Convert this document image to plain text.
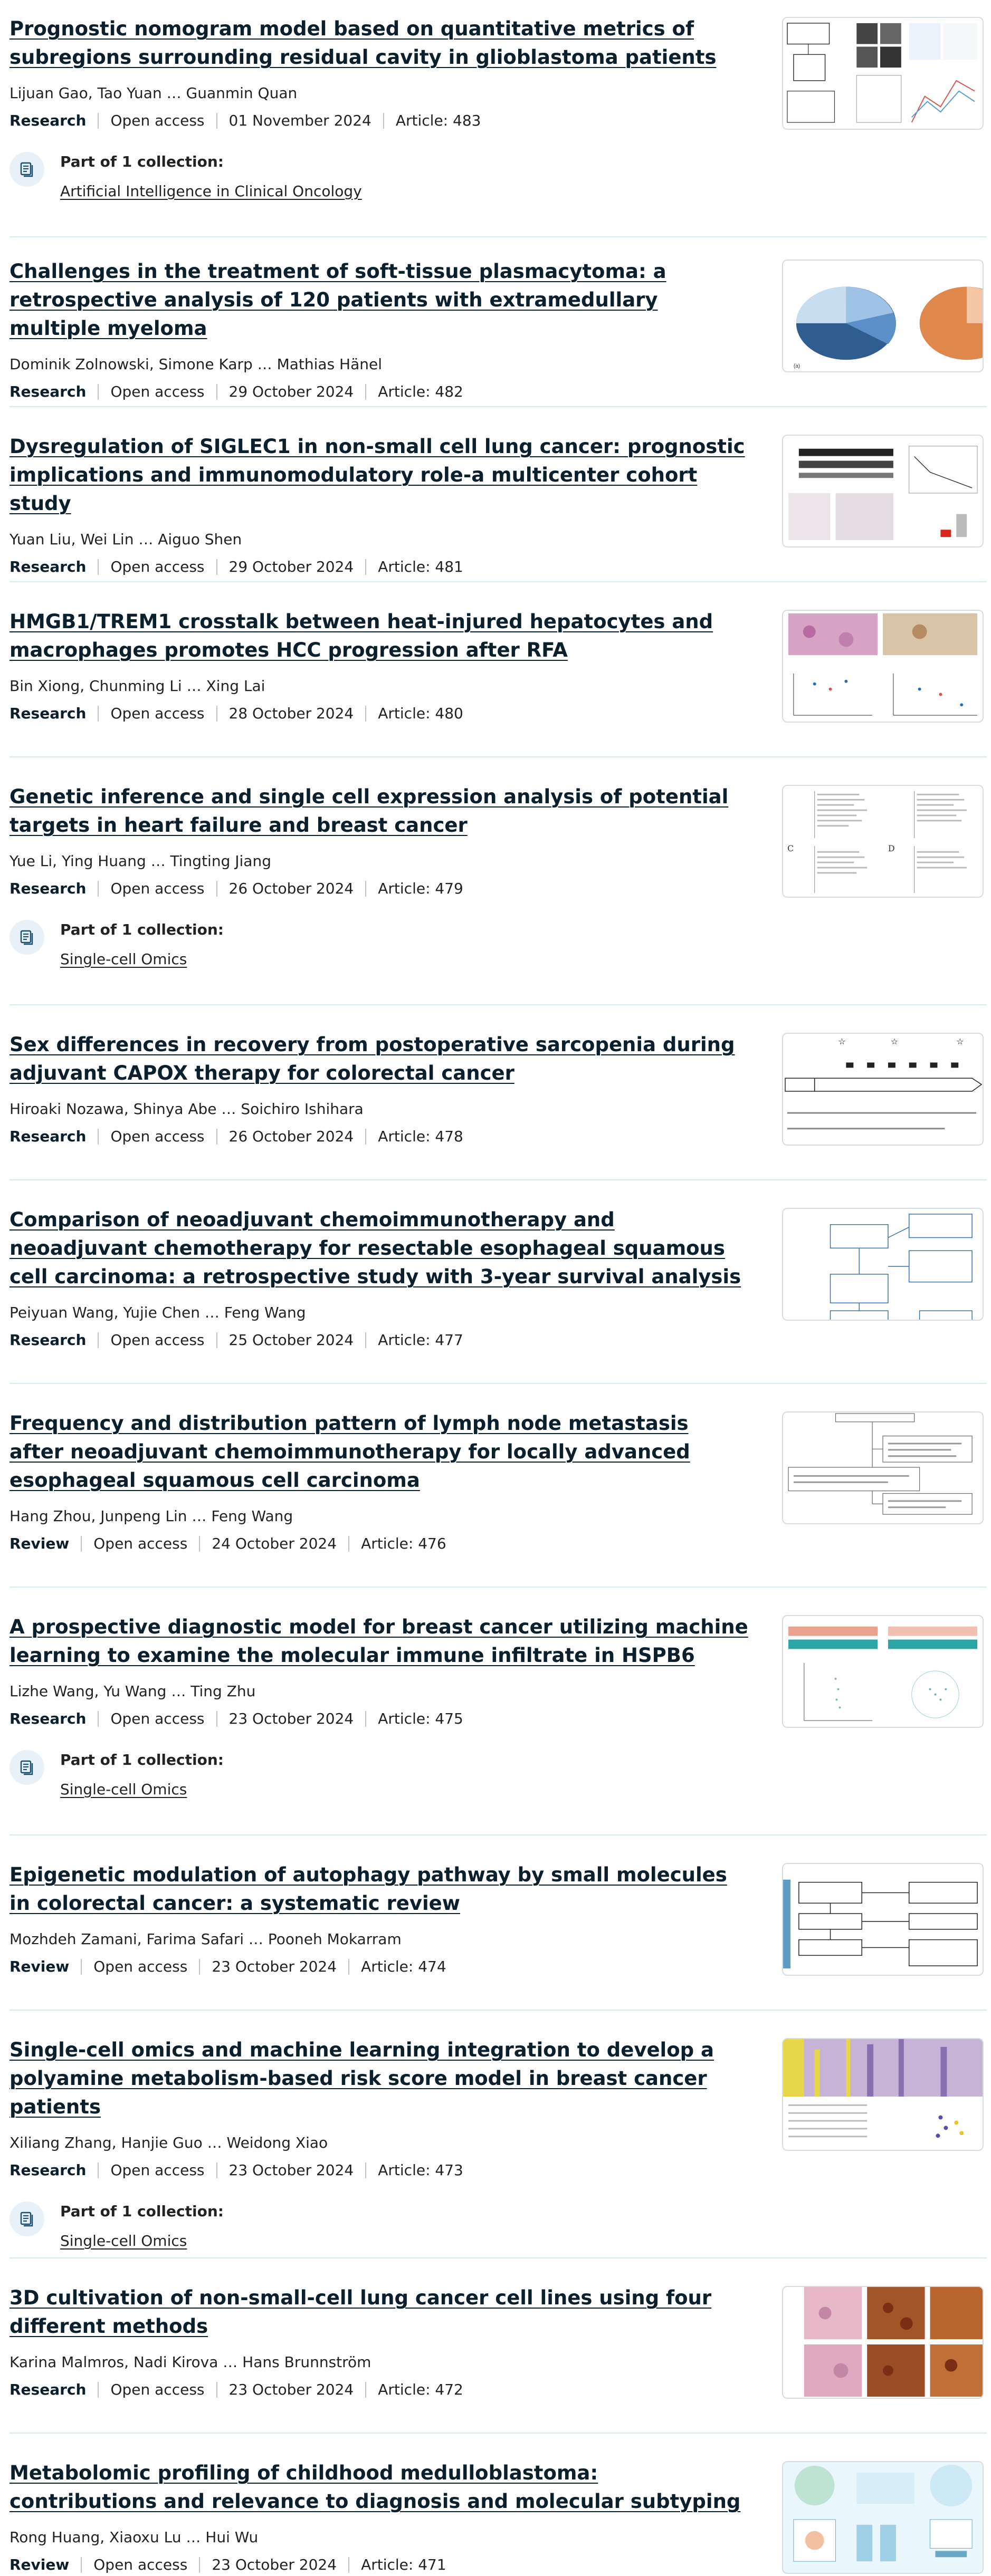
Prognostic nomogram model based on quantitative metrics of subregions surrounding residual cavity in glioblastoma patients
Lijuan Gao, Tao Yuan … Guanmin Quan
Research Open access 01 November 2024 Article: 483
Part of 1 collection:
Artificial Intelligence in Clinical Oncology
Challenges in the treatment of soft-tissue plasmacytoma: a retrospective analysis of 120 patients with extramedullary multiple myeloma
Dominik Zolnowski, Simone Karp … Mathias Hänel
Research Open access 29 October 2024 Article: 482
(a)
Dysregulation of SIGLEC1 in non-small cell lung cancer: prognostic implications and immunomodulatory role-a multicenter cohort study
Yuan Liu, Wei Lin … Aiguo Shen
Research Open access 29 October 2024 Article: 481
HMGB1/TREM1 crosstalk between heat-injured hepatocytes and macrophages promotes HCC progression after RFA
Bin Xiong, Chunming Li … Xing Lai
Research Open access 28 October 2024 Article: 480
Genetic inference and single cell expression analysis of potential targets in heart failure and breast cancer
Yue Li, Ying Huang … Tingting Jiang
Research Open access 26 October 2024 Article: 479
Part of 1 collection:
Single-cell Omics
C	D
Sex differences in recovery from postoperative sarcopenia during adjuvant CAPOX therapy for colorectal cancer
Hiroaki Nozawa, Shinya Abe … Soichiro Ishihara
Research Open access 26 October 2024 Article: 478
☆	☆	☆
Comparison of neoadjuvant chemoimmunotherapy and neoadjuvant chemotherapy for resectable esophageal squamous cell carcinoma: a retrospective study with 3-year survival analysis
Peiyuan Wang, Yujie Chen … Feng Wang
Research Open access 25 October 2024 Article: 477
Frequency and distribution pattern of lymph node metastasis after neoadjuvant chemoimmunotherapy for locally advanced esophageal squamous cell carcinoma
Hang Zhou, Junpeng Lin … Feng Wang
Review Open access 24 October 2024 Article: 476
A prospective diagnostic model for breast cancer utilizing machine learning to examine the molecular immune infiltrate in HSPB6
Lizhe Wang, Yu Wang … Ting Zhu
Research Open access 23 October 2024 Article: 475
Part of 1 collection:
Single-cell Omics
Epigenetic modulation of autophagy pathway by small molecules in colorectal cancer: a systematic review
Mozhdeh Zamani, Farima Safari … Pooneh Mokarram
Review Open access 23 October 2024 Article: 474
Single-cell omics and machine learning integration to develop a polyamine metabolism-based risk score model in breast cancer patients
Xiliang Zhang, Hanjie Guo … Weidong Xiao
Research Open access 23 October 2024 Article: 473
Part of 1 collection:
Single-cell Omics
3D cultivation of non-small-cell lung cancer cell lines using four different methods
Karina Malmros, Nadi Kirova … Hans Brunnström
Research Open access 23 October 2024 Article: 472
Metabolomic profiling of childhood medulloblastoma: contributions and relevance to diagnosis and molecular subtyping
Rong Huang, Xiaoxu Lu … Hui Wu
Review Open access 23 October 2024 Article: 471
